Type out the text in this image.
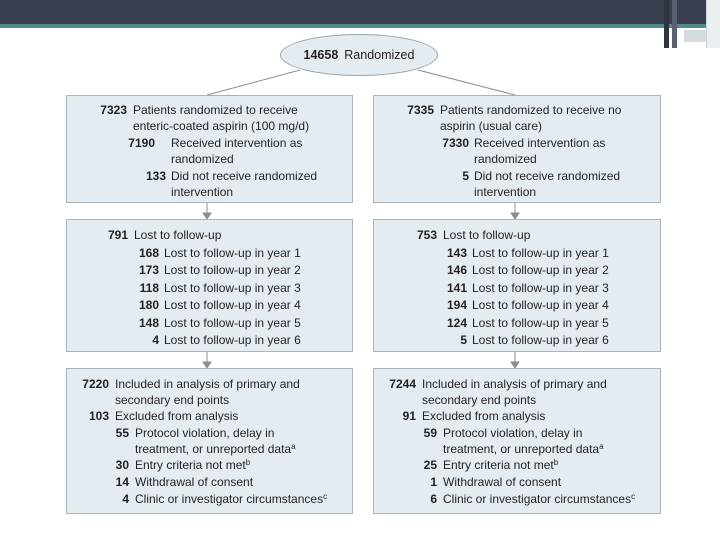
14658 Randomized
7323 Patients randomized to receive
enteric-coated aspirin (100 mg/d)
7190 Received intervention as
randomized
133 Did not receive randomized
intervention
791 Lost to follow-up
168 Lost to follow-up in year 1
173 Lost to follow-up in year 2
118 Lost to follow-up in year 3
180 Lost to follow-up in year 4
148 Lost to follow-up in year 5
4 Lost to follow-up in year 6
7220 Included in analysis of primary and
secondary end points
103 Excluded from analysis
55 Protocol violation, delay in
treatment, or unreported data$^a$
30 Entry criteria not met$^b$
14 Withdrawal of consent
4 Clinic or investigator circumstances$^c$
7335 Patients randomized to receive no
aspirin (usual care)
7330 Received intervention as
randomized
5 Did not receive randomized
intervention
753 Lost to follow-up
143 Lost to follow-up in year 1
146 Lost to follow-up in year 2
141 Lost to follow-up in year 3
194 Lost to follow-up in year 4
124 Lost to follow-up in year 5
5 Lost to follow-up in year 6
7244 Included in analysis of primary and
secondary end points
91 Excluded from analysis
59 Protocol violation, delay in
treatment, or unreported data$^a$
25 Entry criteria not met$^b$
1 Withdrawal of consent
6 Clinic or investigator circumstances$^c$
